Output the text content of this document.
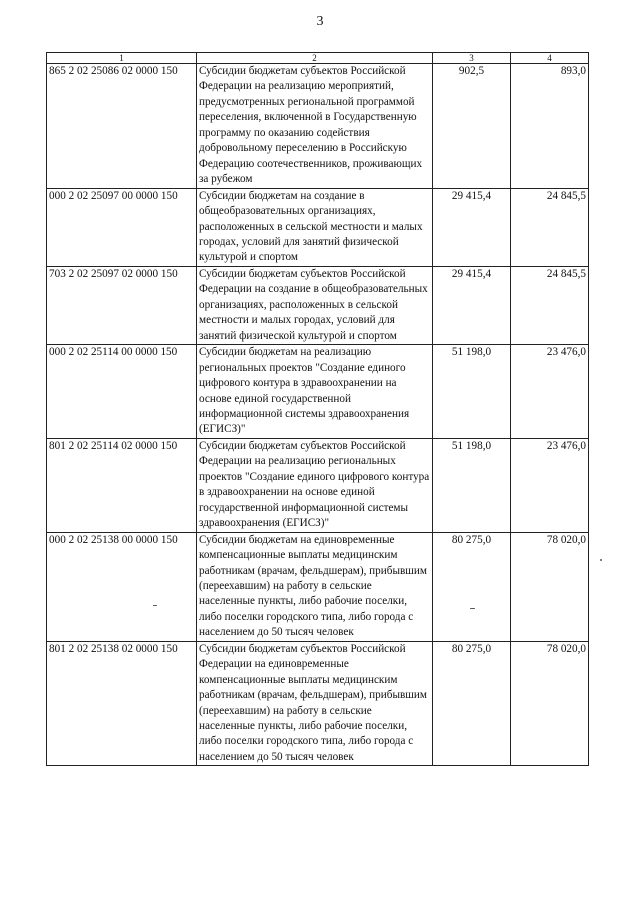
3
1	2	3	4
865 2 02 25086 02 0000 150	Субсидии бюджетам субъектов Российской Федерации на реализацию мероприятий, предусмотренных региональной программой переселения, включенной в Государственную программу по оказанию содействия добровольному переселению в Российскую Федерацию соотечественников, проживающих за рубежом	902,5	893,0
000 2 02 25097 00 0000 150	Субсидии бюджетам на создание в общеобразовательных организациях, расположенных в сельской местности и малых городах, условий для занятий физической культурой и спортом	29 415,4	24 845,5
703 2 02 25097 02 0000 150	Субсидии бюджетам субъектов Российской Федерации на создание в общеобразовательных организациях, расположенных в сельской местности и малых городах, условий для занятий физической культурой и спортом	29 415,4	24 845,5
000 2 02 25114 00 0000 150	Субсидии бюджетам на реализацию региональных проектов "Создание единого цифрового контура в здравоохранении на основе единой государственной информационной системы здравоохранения (ЕГИСЗ)"	51 198,0	23 476,0
801 2 02 25114 02 0000 150	Субсидии бюджетам субъектов Российской Федерации на реализацию региональных проектов "Создание единого цифрового контура в здравоохранении на основе единой государственной информационной системы здравоохранения (ЕГИСЗ)"	51 198,0	23 476,0
000 2 02 25138 00 0000 150	Субсидии бюджетам на единовременные компенсационные выплаты медицинским работникам (врачам, фельдшерам), прибывшим (переехавшим) на работу в сельские населенные пункты, либо рабочие поселки, либо поселки городского типа, либо города с населением до 50 тысяч человек	80 275,0	78 020,0
801 2 02 25138 02 0000 150	Субсидии бюджетам субъектов Российской Федерации на единовременные компенсационные выплаты медицинским работникам (врачам, фельдшерам), прибывшим (переехавшим) на работу в сельские населенные пункты, либо рабочие поселки, либо поселки городского типа, либо города с населением до 50 тысяч человек	80 275,0	78 020,0
